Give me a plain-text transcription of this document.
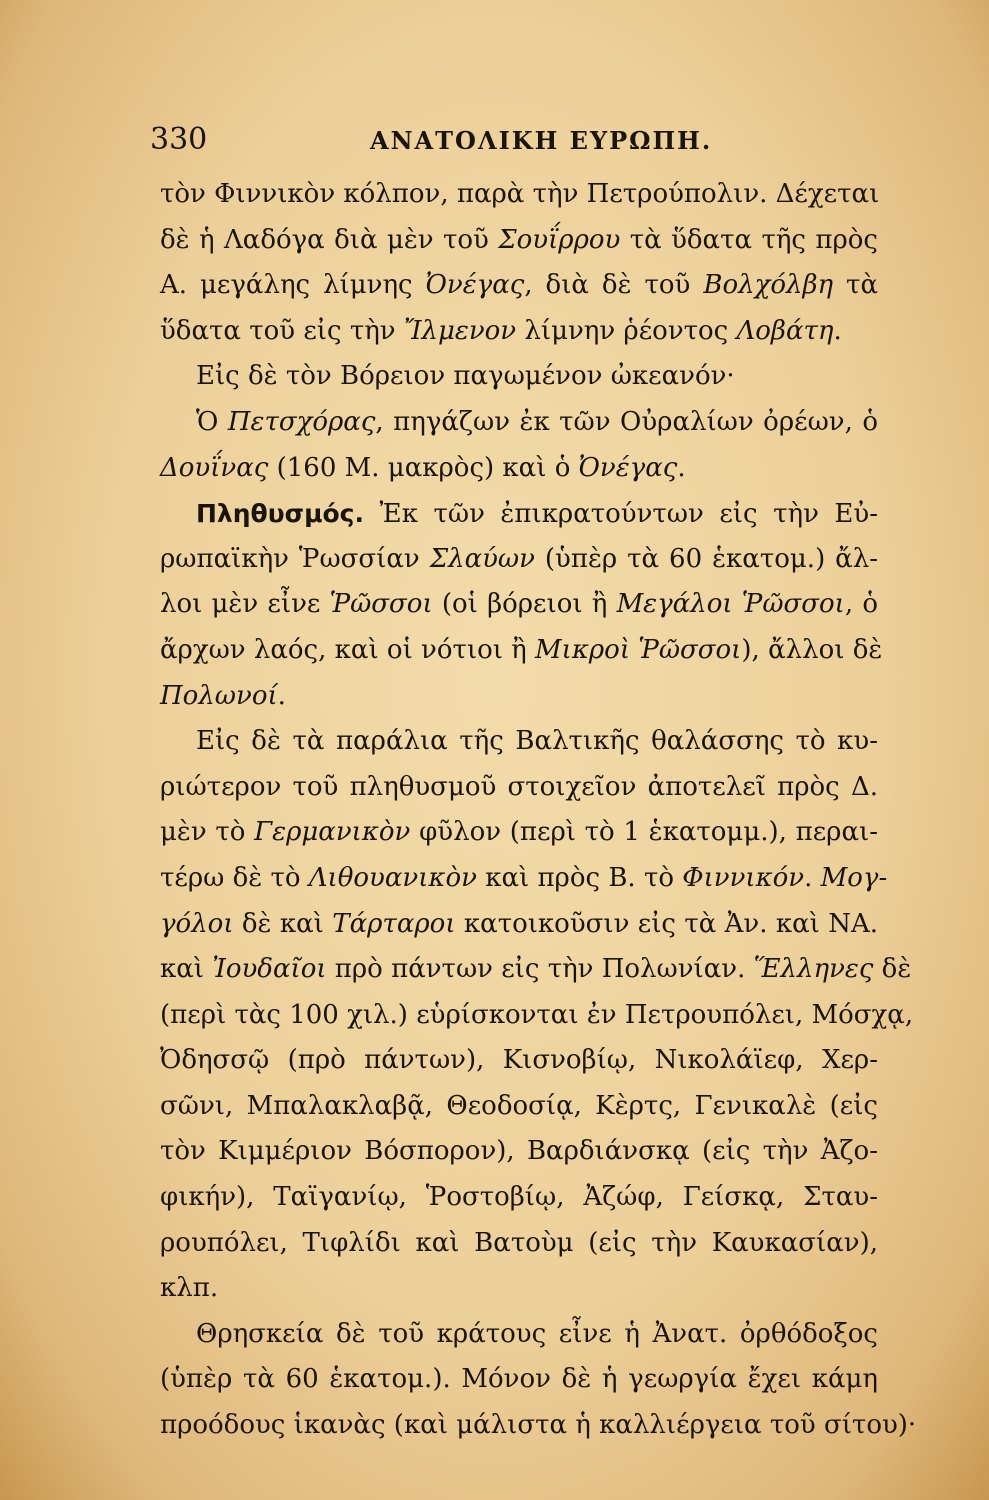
330	ΑΝΑΤΟΛΙΚΗ ΕΥΡΩΠΗ.
τὸν Φιννικὸν κόλπον, παρὰ τὴν Πετρούπολιν. Δέχεται
δὲ ἡ Λαδόγα διὰ μὲν τοῦ Σουΐρρου τὰ ὕδατα τῆς πρὸς
Α. μεγάλης λίμνης Ὀνέγας, διὰ δὲ τοῦ Βολχόλβη τὰ
ὕδατα τοῦ εἰς τὴν Ἴλμενον λίμνην ῥέοντος Λοβάτη.
Εἰς δὲ τὸν Βόρειον παγωμένον ὠκεανόν·
Ὁ Πετσχόρας, πηγάζων ἐκ τῶν Οὐραλίων ὀρέων, ὁ
Δουΐνας (160 Μ. μακρὸς) καὶ ὁ Ὀνέγας.
Πληθυσμός. Ἐκ τῶν ἐπικρατούντων εἰς τὴν Εὐ-
ρωπαϊκὴν Ῥωσσίαν Σλαύων (ὑπὲρ τὰ 60 ἑκατομ.) ἄλ-
λοι μὲν εἶνε Ῥῶσσοι (οἱ βόρειοι ἢ Μεγάλοι Ῥῶσσοι, ὁ
ἄρχων λαός, καὶ οἱ νότιοι ἢ Μικροὶ Ῥῶσσοι), ἄλλοι δὲ
Πολωνοί.
Εἰς δὲ τὰ παράλια τῆς Βαλτικῆς θαλάσσης τὸ κυ-
ριώτερον τοῦ πληθυσμοῦ στοιχεῖον ἀποτελεῖ πρὸς Δ.
μὲν τὸ Γερμανικὸν φῦλον (περὶ τὸ 1 ἑκατομμ.), περαι-
τέρω δὲ τὸ Λιθουανικὸν καὶ πρὸς Β. τὸ Φιννικόν. Μογ-
γόλοι δὲ καὶ Τάρταροι κατοικοῦσιν εἰς τὰ Ἀν. καὶ ΝΑ.
καὶ Ἰουδαῖοι πρὸ πάντων εἰς τὴν Πολωνίαν. Ἕλληνες δὲ
(περὶ τὰς 100 χιλ.) εὑρίσκονται ἐν Πετρουπόλει, Μόσχᾳ,
Ὀδησσῷ (πρὸ πάντων), Κισνοβίῳ, Νικολάϊεφ, Χερ-
σῶνι, Μπαλακλαβᾷ, Θεοδοσίᾳ, Κὲρτς, Γενικαλὲ (εἰς
τὸν Κιμμέριον Βόσπορον), Βαρδιάνσκᾳ (εἰς τὴν Ἀζο-
φικήν), Ταϊγανίῳ, Ῥοστοβίῳ, Ἀζώφ, Γείσκᾳ, Σταυ-
ρουπόλει, Τιφλίδι καὶ Βατοὺμ (εἰς τὴν Καυκασίαν),
κλπ.
Θρησκεία δὲ τοῦ κράτους εἶνε ἡ Ἀνατ. ὀρθόδοξος
(ὑπὲρ τὰ 60 ἑκατομ.). Μόνον δὲ ἡ γεωργία ἔχει κάμη
προόδους ἱκανὰς (καὶ μάλιστα ἡ καλλιέργεια τοῦ σίτου)·
